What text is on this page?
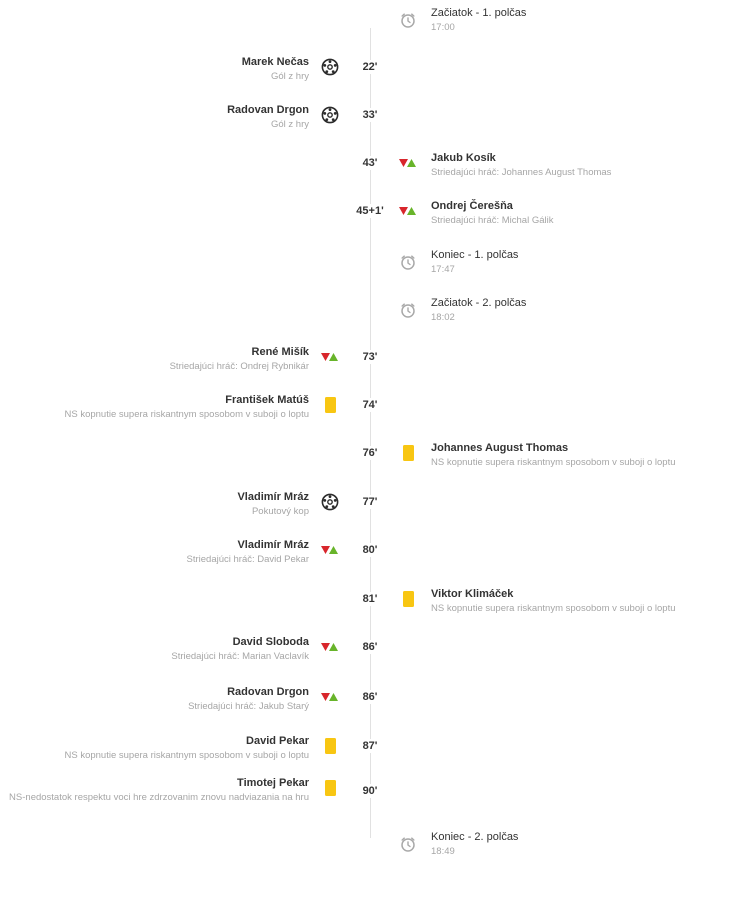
Začiatok - 1. polčas
17:00
22'
Marek Nečas
Gól z hry
33'
Radovan Drgon
Gól z hry
43'	Jakub Kosík
Striedajúci hráč: Johannes August Thomas
45+1'	Ondrej Čerešňa
Striedajúci hráč: Michal Gálik
Koniec - 1. polčas
17:47
Začiatok - 2. polčas
18:02
73'
René Mišík
Striedajúci hráč: Ondrej Rybnikár
74'
František Matúš
NS kopnutie supera riskantnym sposobom v suboji o loptu
76'	Johannes August Thomas
NS kopnutie supera riskantnym sposobom v suboji o loptu
77'
Vladimír Mráz
Pokutový kop
80'
Vladimír Mráz
Striedajúci hráč: David Pekar
81'	Viktor Klimáček
NS kopnutie supera riskantnym sposobom v suboji o loptu
86'
David Sloboda
Striedajúci hráč: Marian Vaclavík
86'
Radovan Drgon
Striedajúci hráč: Jakub Starý
87'
David Pekar
NS kopnutie supera riskantnym sposobom v suboji o loptu
90'
Timotej Pekar
NS-nedostatok respektu voci hre zdrzovanim znovu nadviazania na hru
Koniec - 2. polčas
18:49
